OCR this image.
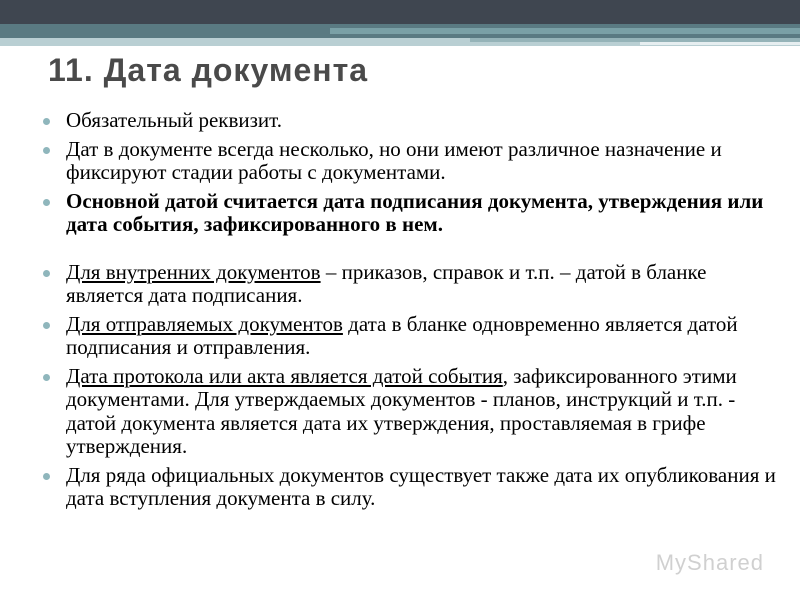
11. Дата документа
Обязательный реквизит.
Дат в документе всегда несколько, но они имеют различное назначение и фиксируют стадии работы с документами.
Основной датой считается дата подписания документа, утверждения или дата события, зафиксированного в нем.
Для внутренних документов – приказов, справок и т.п. – датой в бланке является дата подписания.
Для отправляемых документов дата в бланке одновременно является датой подписания и отправления.
Дата протокола или акта является датой события, зафиксированного этими документами. Для утверждаемых документов - планов, инструкций и т.п. - датой документа является дата их утверждения, проставляемая в грифе утверждения.
Для ряда официальных документов существует также дата их опубликования и дата вступления документа в силу.
MyShared
